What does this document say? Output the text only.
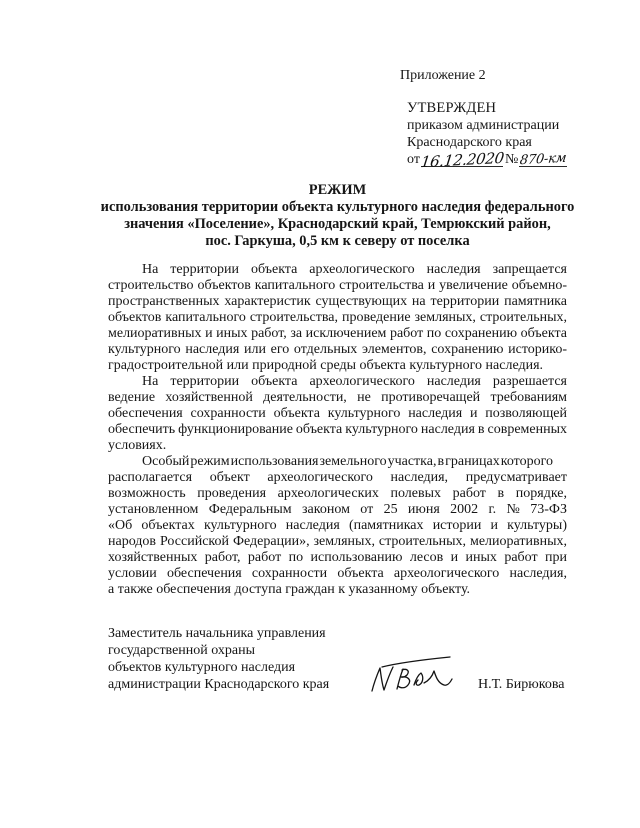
Приложение 2
УТВЕРЖДЕН
приказом администрации
Краснодарского края
от 16.12.2020 № 870-км
РЕЖИМ
использования территории объекта культурного наследия федерального
значения «Поселение», Краснодарский край, Темрюкский район,
пос. Гаркуша, 0,5 км к северу от поселка
На территории объекта археологического наследия запрещается
строительство объектов капитального строительства и увеличение объемно-
пространственных характеристик существующих на территории памятника
объектов капитального строительства, проведение земляных, строительных,
мелиоративных и иных работ, за исключением работ по сохранению объекта
культурного наследия или его отдельных элементов, сохранению историко-
градостроительной или природной среды объекта культурного наследия.
На территории объекта археологического наследия разрешается
ведение хозяйственной деятельности, не противоречащей требованиям
обеспечения сохранности объекта культурного наследия и позволяющей
обеспечить функционирование объекта культурного наследия в современных
условиях.
Особый режим использования земельного участка, в границах которого
располагается объект археологического наследия, предусматривает
возможность проведения археологических полевых работ в порядке,
установленном Федеральным законом от 25 июня 2002 г. № 73-ФЗ
«Об объектах культурного наследия (памятниках истории и культуры)
народов Российской Федерации», земляных, строительных, мелиоративных,
хозяйственных работ, работ по использованию лесов и иных работ при
условии обеспечения сохранности объекта археологического наследия,
а также обеспечения доступа граждан к указанному объекту.
Заместитель начальника управления
государственной охраны
объектов культурного наследия
администрации Краснодарского края	Н.Т. Бирюкова
